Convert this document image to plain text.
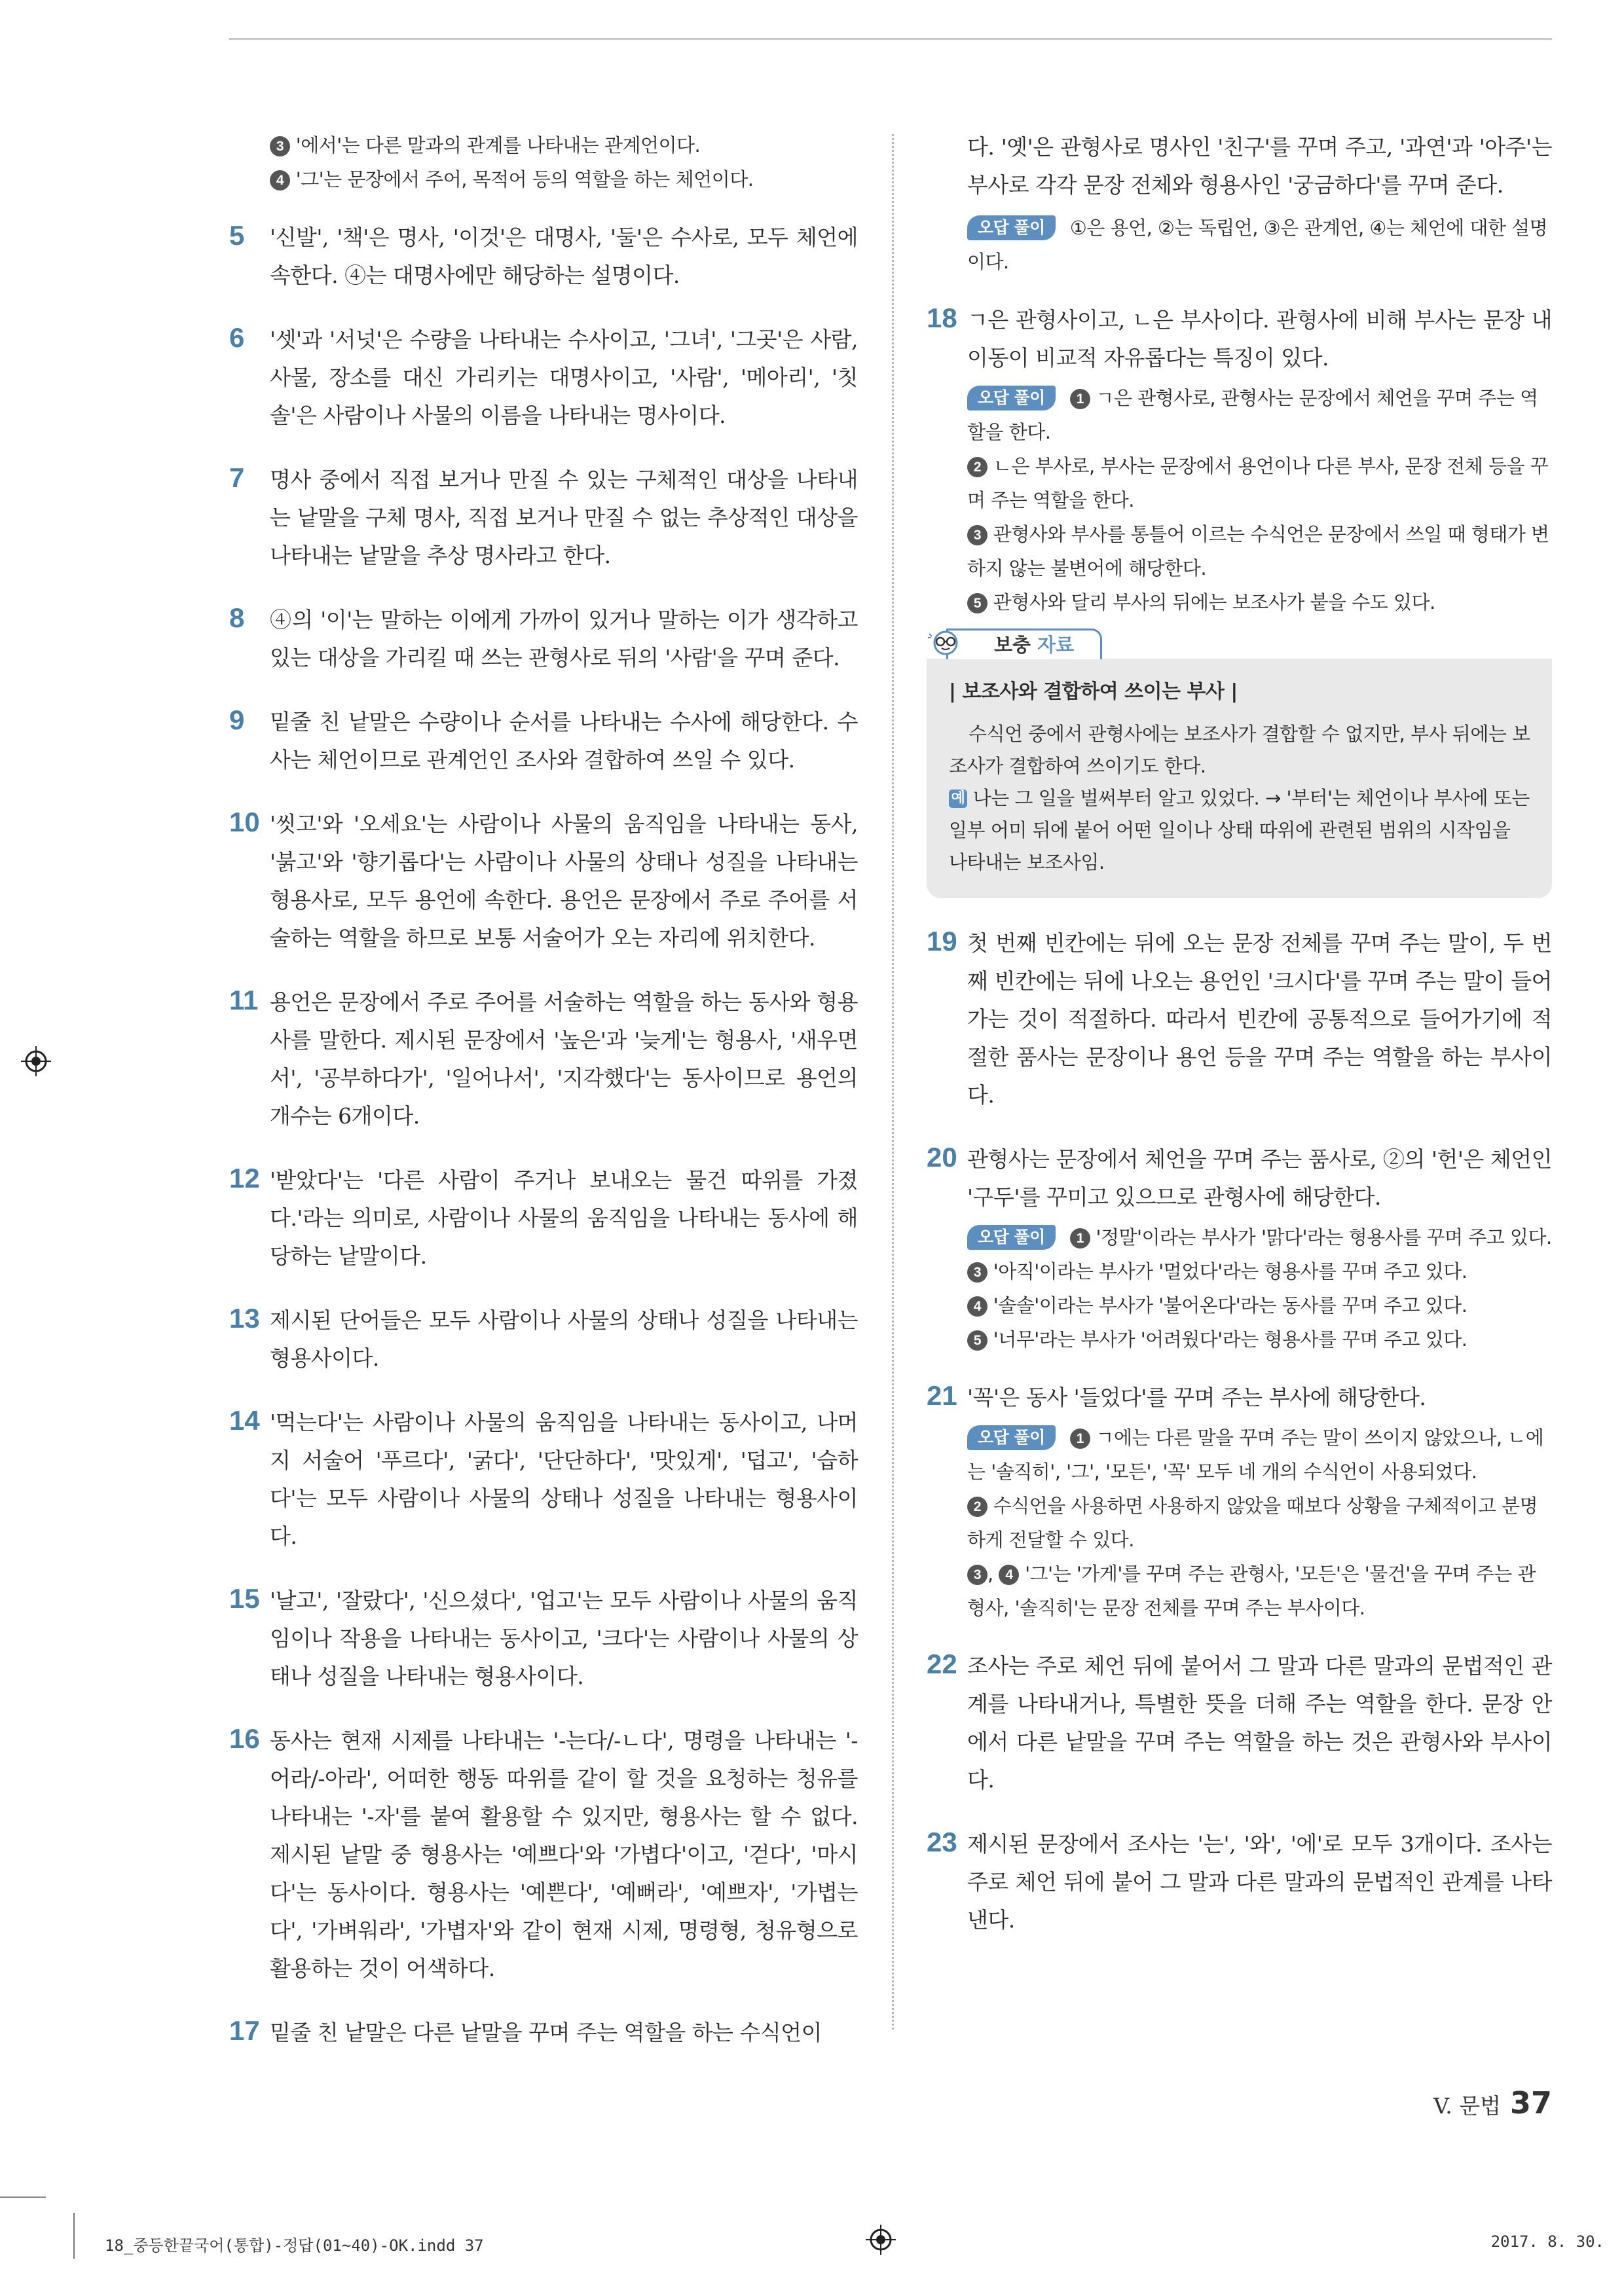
3 '에서'는 다른 말과의 관계를 나타내는 관계언이다.
4 '그'는 문장에서 주어, 목적어 등의 역할을 하는 체언이다.
5 '신발', '책'은 명사, '이것'은 대명사, '둘'은 수사로, 모두 체언에 속한다. ④는 대명사에만 해당하는 설명이다.
6 '셋'과 '서넛'은 수량을 나타내는 수사이고, '그녀', '그곳'은 사람, 사물, 장소를 대신 가리키는 대명사이고, '사람', '메아리', '칫솔'은 사람이나 사물의 이름을 나타내는 명사이다.
7 명사 중에서 직접 보거나 만질 수 있는 구체적인 대상을 나타내는 낱말을 구체 명사, 직접 보거나 만질 수 없는 추상적인 대상을 나타내는 낱말을 추상 명사라고 한다.
8 ④의 '이'는 말하는 이에게 가까이 있거나 말하는 이가 생각하고 있는 대상을 가리킬 때 쓰는 관형사로 뒤의 '사람'을 꾸며 준다.
9 밑줄 친 낱말은 수량이나 순서를 나타내는 수사에 해당한다. 수사는 체언이므로 관계언인 조사와 결합하여 쓰일 수 있다.
10 '씻고'와 '오세요'는 사람이나 사물의 움직임을 나타내는 동사, '붉고'와 '향기롭다'는 사람이나 사물의 상태나 성질을 나타내는 형용사로, 모두 용언에 속한다. 용언은 문장에서 주로 주어를 서술하는 역할을 하므로 보통 서술어가 오는 자리에 위치한다.
11 용언은 문장에서 주로 주어를 서술하는 역할을 하는 동사와 형용사를 말한다. 제시된 문장에서 '높은'과 '늦게'는 형용사, '새우면서', '공부하다가', '일어나서', '지각했다'는 동사이므로 용언의 개수는 6개이다.
12 '받았다'는 '다른 사람이 주거나 보내오는 물건 따위를 가졌다.'라는 의미로, 사람이나 사물의 움직임을 나타내는 동사에 해당하는 낱말이다.
13 제시된 단어들은 모두 사람이나 사물의 상태나 성질을 나타내는 형용사이다.
14 '먹는다'는 사람이나 사물의 움직임을 나타내는 동사이고, 나머지 서술어 '푸르다', '굵다', '단단하다', '맛있게', '덥고', '습하다'는 모두 사람이나 사물의 상태나 성질을 나타내는 형용사이다.
15 '날고', '잘랐다', '신으셨다', '업고'는 모두 사람이나 사물의 움직임이나 작용을 나타내는 동사이고, '크다'는 사람이나 사물의 상태나 성질을 나타내는 형용사이다.
16 동사는 현재 시제를 나타내는 '-는다/-ㄴ다', 명령을 나타내는 '-어라/-아라', 어떠한 행동 따위를 같이 할 것을 요청하는 청유를 나타내는 '-자'를 붙여 활용할 수 있지만, 형용사는 할 수 없다. 제시된 낱말 중 형용사는 '예쁘다'와 '가볍다'이고, '걷다', '마시다'는 동사이다. 형용사는 '예쁜다', '예뻐라', '예쁘자', '가볍는다', '가벼워라', '가볍자'와 같이 현재 시제, 명령형, 청유형으로 활용하는 것이 어색하다.
17 밑줄 친 낱말은 다른 낱말을 꾸며 주는 역할을 하는 수식언이
다. '옛'은 관형사로 명사인 '친구'를 꾸며 주고, '과연'과 '아주'는 부사로 각각 문장 전체와 형용사인 '궁금하다'를 꾸며 준다.
오답 풀이 ①은 용언, ②는 독립언, ③은 관계언, ④는 체언에 대한 설명이다.
18 ㄱ은 관형사이고, ㄴ은 부사이다. 관형사에 비해 부사는 문장 내 이동이 비교적 자유롭다는 특징이 있다.
오답 풀이 1 ㄱ은 관형사로, 관형사는 문장에서 체언을 꾸며 주는 역할을 한다.
2 ㄴ은 부사로, 부사는 문장에서 용언이나 다른 부사, 문장 전체 등을 꾸며 주는 역할을 한다.
3 관형사와 부사를 통틀어 이르는 수식언은 문장에서 쓰일 때 형태가 변하지 않는 불변어에 해당한다.
5 관형사와 달리 부사의 뒤에는 보조사가 붙을 수도 있다.
보충 자료
| 보조사와 결합하여 쓰이는 부사 |
수식언 중에서 관형사에는 보조사가 결합할 수 없지만, 부사 뒤에는 보조사가 결합하여 쓰이기도 한다.
예 나는 그 일을 벌써부터 알고 있었다. → '부터'는 체언이나 부사에 또는 일부 어미 뒤에 붙어 어떤 일이나 상태 따위에 관련된 범위의 시작임을 나타내는 보조사임.
19 첫 번째 빈칸에는 뒤에 오는 문장 전체를 꾸며 주는 말이, 두 번째 빈칸에는 뒤에 나오는 용언인 '크시다'를 꾸며 주는 말이 들어가는 것이 적절하다. 따라서 빈칸에 공통적으로 들어가기에 적절한 품사는 문장이나 용언 등을 꾸며 주는 역할을 하는 부사이다.
20 관형사는 문장에서 체언을 꾸며 주는 품사로, ②의 '헌'은 체언인 '구두'를 꾸미고 있으므로 관형사에 해당한다.
오답 풀이 1 '정말'이라는 부사가 '맑다'라는 형용사를 꾸며 주고 있다.
3 '아직'이라는 부사가 '멀었다'라는 형용사를 꾸며 주고 있다.
4 '솔솔'이라는 부사가 '불어온다'라는 동사를 꾸며 주고 있다.
5 '너무'라는 부사가 '어려웠다'라는 형용사를 꾸며 주고 있다.
21 '꼭'은 동사 '들었다'를 꾸며 주는 부사에 해당한다.
오답 풀이 1 ㄱ에는 다른 말을 꾸며 주는 말이 쓰이지 않았으나, ㄴ에는 '솔직히', '그', '모든', '꼭' 모두 네 개의 수식언이 사용되었다.
2 수식언을 사용하면 사용하지 않았을 때보다 상황을 구체적이고 분명하게 전달할 수 있다.
3 , 4 '그'는 '가게'를 꾸며 주는 관형사, '모든'은 '물건'을 꾸며 주는 관형사, '솔직히'는 문장 전체를 꾸며 주는 부사이다.
22 조사는 주로 체언 뒤에 붙어서 그 말과 다른 말과의 문법적인 관계를 나타내거나, 특별한 뜻을 더해 주는 역할을 한다. 문장 안에서 다른 낱말을 꾸며 주는 역할을 하는 것은 관형사와 부사이다.
23 제시된 문장에서 조사는 '는', '와', '에'로 모두 3개이다. 조사는 주로 체언 뒤에 붙어 그 말과 다른 말과의 문법적인 관계를 나타낸다.
V. 문법 37
18_중등한끝국어(통합)-정답(01~40)-OK.indd 37	2017. 8. 30.
